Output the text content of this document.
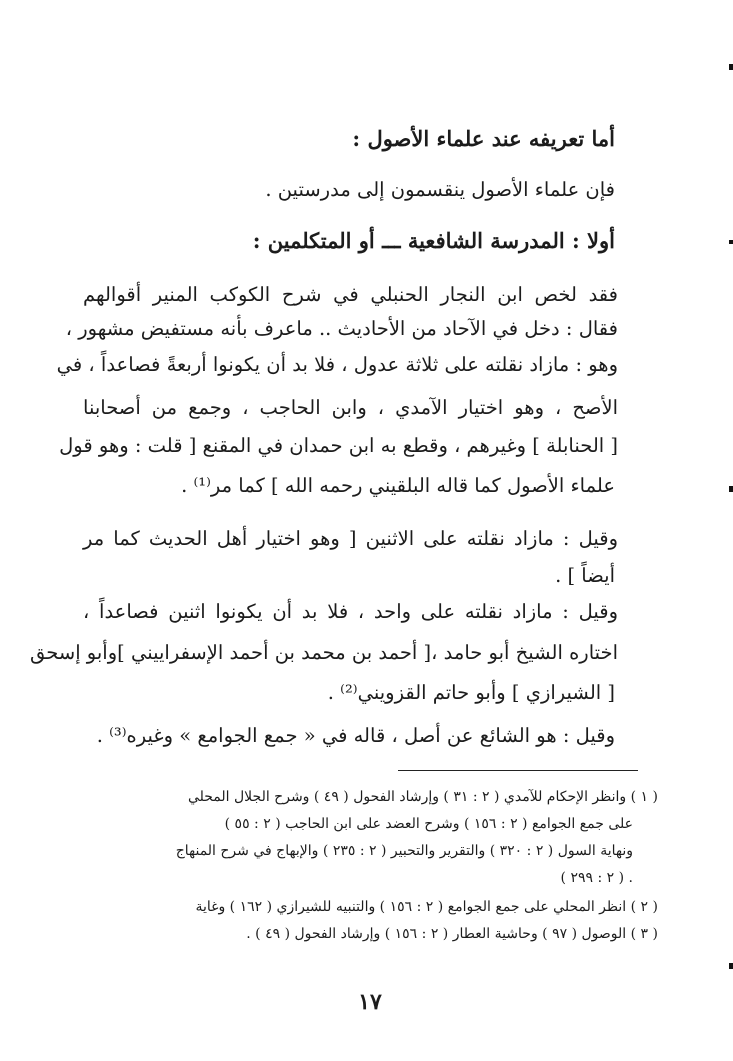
أما تعريفه عند علماء الأصول :
فإن علماء الأصول ينقسمون إلى مدرستين .
أولا : المدرسة الشافعية ـــ أو المتكلمين :
فقد لخص ابن النجار الحنبلي في شرح الكوكب المنير أقوالهم
فقال : دخل في الآحاد من الأحاديث .. ماعرف بأنه مستفيض مشهور ،
وهو : مازاد نقلته على ثلاثة عدول ، فلا بد أن يكونوا أربعةً فصاعداً ، في
الأصح ، وهو اختيار الآمدي ، وابن الحاجب ، وجمع من أصحابنا
[ الحنابلة ] وغيرهم ، وقطع به ابن حمدان في المقنع [ قلت : وهو قول
علماء الأصول كما قاله البلقيني رحمه الله ] كما مر⁽¹⁾ .
وقيل : مازاد نقلته على الاثنين [ وهو اختيار أهل الحديث كما مر
أيضاً ] .
وقيل : مازاد نقلته على واحد ، فلا بد أن يكونوا اثنين فصاعداً ،
اختاره الشيخ أبو حامد ،[ أحمد بن محمد بن أحمد الإسفراييني ]وأبو إسحق
[ الشيرازي ] وأبو حاتم القزويني⁽²⁾ .
وقيل : هو الشائع عن أصل ، قاله في « جمع الجوامع » وغيره⁽³⁾ .
( ١ ) وانظر الإحكام للآمدي ( ٢ : ٣١ ) وإرشاد الفحول ( ٤٩ ) وشرح الجلال المحلي
على جمع الجوامع ( ٢ : ١٥٦ ) وشرح العضد على ابن الحاجب ( ٢ : ٥٥ )
ونهاية السول ( ٢ : ٣٢٠ ) والتقرير والتحبير ( ٢ : ٢٣٥ ) والإبهاج في شرح المنهاج
( ٢ : ٢٩٩ ) .
( ٢ ) انظر المحلي على جمع الجوامع ( ٢ : ١٥٦ ) والتنبيه للشيرازي ( ١٦٢ ) وغاية
( ٣ ) الوصول ( ٩٧ ) وحاشية العطار ( ٢ : ١٥٦ ) وإرشاد الفحول ( ٤٩ ) .
١٧
